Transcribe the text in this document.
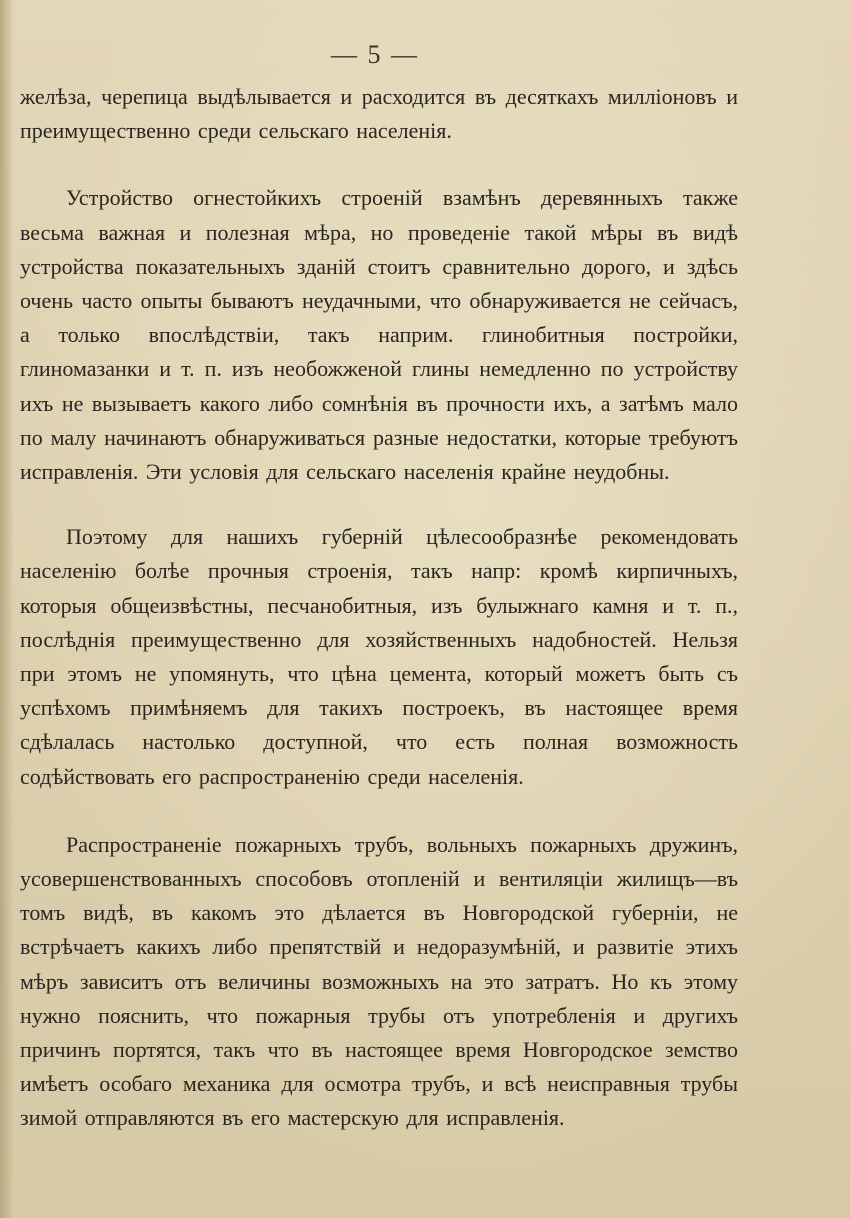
— 5 —

желѣза, черепица выдѣлывается и расходится въ десяткахъ милліоновъ и преимущественно среди сельскаго населенія.

Устройство огнестойкихъ строеній взамѣнъ деревянныхъ также весьма важная и полезная мѣра, но проведеніе такой мѣры въ видѣ устройства показательныхъ зданій стоитъ сравнительно дорого, и здѣсь очень часто опыты бываютъ неудачными, что обнаруживается не сейчасъ, а только впослѣдствіи, такъ наприм. глинобитныя постройки, глиномазанки и т. п. изъ необожженой глины немедленно по устройству ихъ не вызываетъ какого либо сомнѣнія въ прочности ихъ, а затѣмъ мало по малу начинаютъ обнаруживаться разные недостатки, которые требуютъ исправленія. Эти условія для сельскаго населенія крайне неудобны.

Поэтому для нашихъ губерній цѣлесообразнѣе рекомендовать населенію болѣе прочныя строенія, такъ напр: кромѣ кирпичныхъ, которыя общеизвѣстны, песчанобитныя, изъ булыжнаго камня и т. п., послѣднія преимущественно для хозяйственныхъ надобностей. Нельзя при этомъ не упомянуть, что цѣна цемента, который можетъ быть съ успѣхомъ примѣняемъ для такихъ построекъ, въ настоящее время сдѣлалась настолько доступной, что есть полная возможность содѣйствовать его распространенію среди населенія.

Распространеніе пожарныхъ трубъ, вольныхъ пожарныхъ дружинъ, усовершенствованныхъ способовъ отопленій и вентиляціи жилищъ—въ томъ видѣ, въ какомъ это дѣлается въ Новгородской губерніи, не встрѣчаетъ какихъ либо препятствій и недоразумѣній, и развитіе этихъ мѣръ зависитъ отъ величины возможныхъ на это затратъ. Но къ этому нужно пояснить, что пожарныя трубы отъ употребленія и другихъ причинъ портятся, такъ что въ настоящее время Новгородское земство имѣетъ особаго механика для осмотра трубъ, и всѣ неисправныя трубы зимой отправляются въ его мастерскую для исправленія.
